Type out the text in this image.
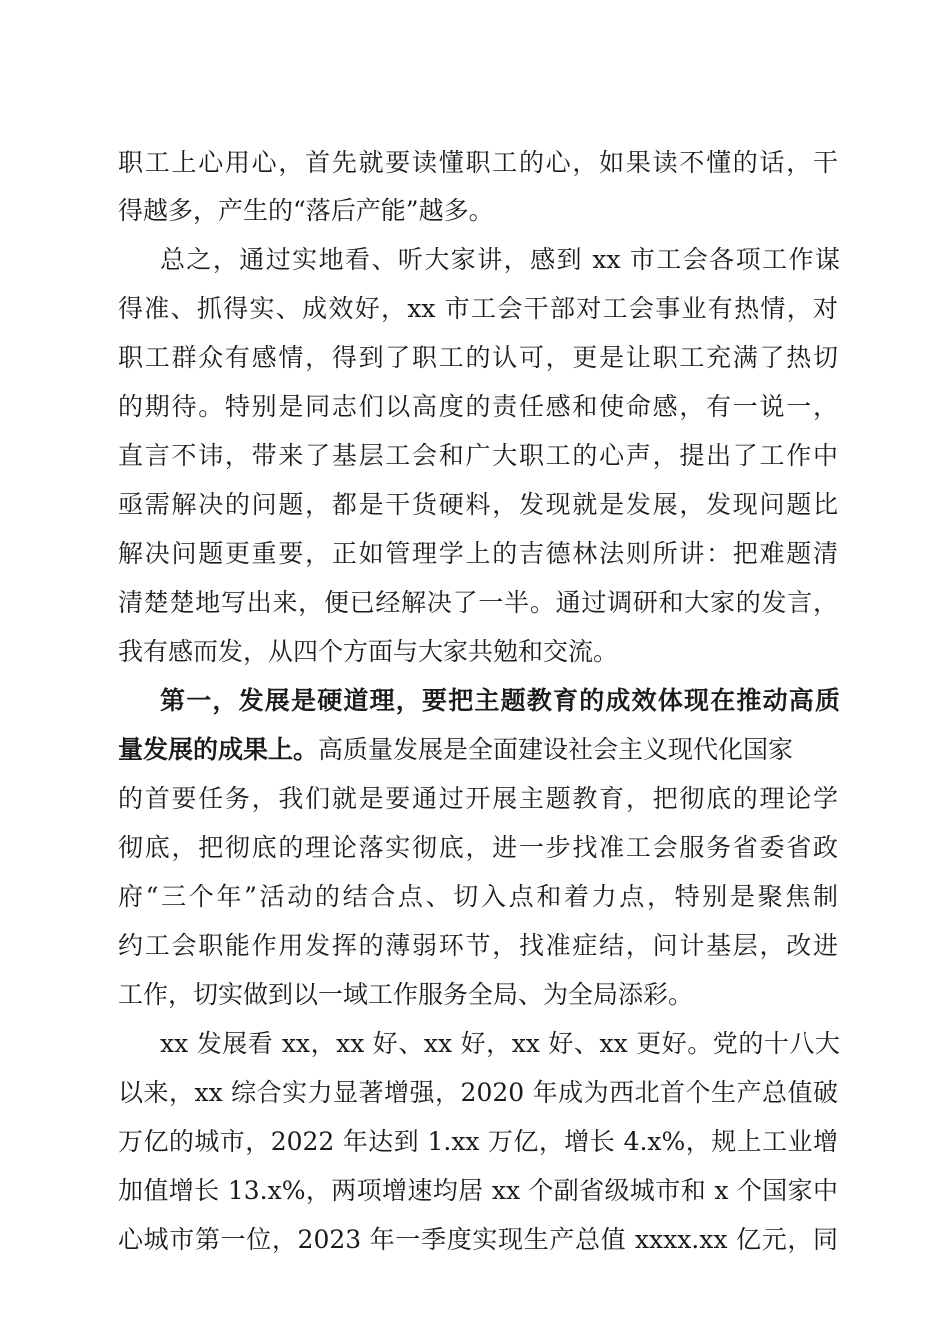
职工上心用心，首先就要读懂职工的心，如果读不懂的话，干
得越多，产生的“落后产能”越多。
总之，通过实地看、听大家讲，感到 xx 市工会各项工作谋
得准、抓得实、成效好，xx 市工会干部对工会事业有热情，对
职工群众有感情，得到了职工的认可，更是让职工充满了热切
的期待。特别是同志们以高度的责任感和使命感，有一说一，
直言不讳，带来了基层工会和广大职工的心声，提出了工作中
亟需解决的问题，都是干货硬料，发现就是发展，发现问题比
解决问题更重要，正如管理学上的吉德林法则所讲：把难题清
清楚楚地写出来，便已经解决了一半。通过调研和大家的发言，
我有感而发，从四个方面与大家共勉和交流。
第一，发展是硬道理，要把主题教育的成效体现在推动高质
量发展的成果上。高质量发展是全面建设社会主义现代化国家
的首要任务，我们就是要通过开展主题教育，把彻底的理论学
彻底，把彻底的理论落实彻底，进一步找准工会服务省委省政
府“三个年”活动的结合点、切入点和着力点，特别是聚焦制
约工会职能作用发挥的薄弱环节，找准症结，问计基层，改进
工作，切实做到以一域工作服务全局、为全局添彩。
xx 发展看 xx，xx 好、xx 好，xx 好、xx 更好。党的十八大
以来，xx 综合实力显著增强，2020 年成为西北首个生产总值破
万亿的城市，2022 年达到 1.xx 万亿，增长 4.x%，规上工业增
加值增长 13.x%，两项增速均居 xx 个副省级城市和 x 个国家中
心城市第一位，2023 年一季度实现生产总值 xxxx.xx 亿元，同
